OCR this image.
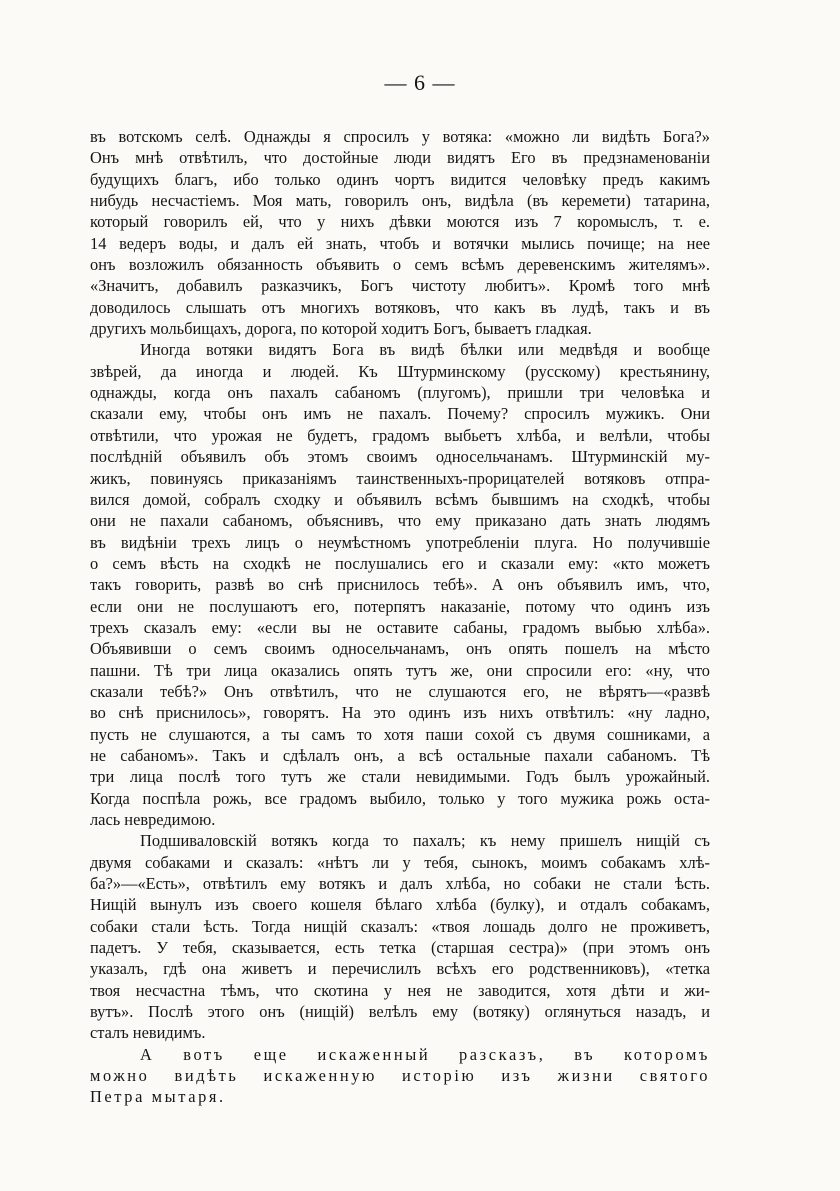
— 6 —
въ вотскомъ селѣ. Однажды я спросилъ у вотяка: «можно ли видѣть Бога?»
Онъ мнѣ отвѣтилъ, что достойные люди видятъ Его въ предзнаменованіи
будущихъ благъ, ибо только одинъ чортъ видится человѣку предъ какимъ
нибудь несчастіемъ. Моя мать, говорилъ онъ, видѣла (въ керемети) татарина,
который говорилъ ей, что у нихъ дѣвки моются изъ 7 коромыслъ, т. е.
14 ведеръ воды, и далъ ей знать, чтобъ и вотячки мылись почище; на нее
онъ возложилъ обязанность объявить о семъ всѣмъ деревенскимъ жителямъ».
«Значитъ, добавилъ разказчикъ, Богъ чистоту любитъ». Кромѣ того мнѣ
доводилось слышать отъ многихъ вотяковъ, что какъ въ лудѣ, такъ и въ
другихъ мольбищахъ, дорога, по которой ходитъ Богъ, бываетъ гладкая.
Иногда вотяки видятъ Бога въ видѣ бѣлки или медвѣдя и вообще
звѣрей, да иногда и людей. Къ Штурминскому (русскому) крестьянину,
однажды, когда онъ пахалъ сабаномъ (плугомъ), пришли три человѣка и
сказали ему, чтобы онъ имъ не пахалъ. Почему? спросилъ мужикъ. Они
отвѣтили, что урожая не будетъ, градомъ выбьетъ хлѣба, и велѣли, чтобы
послѣдній объявилъ объ этомъ своимъ односельчанамъ. Штурминскій му-
жикъ, повинуясь приказаніямъ таинственныхъ-прорицателей вотяковъ отпра-
вился домой, собралъ сходку и объявилъ всѣмъ бывшимъ на сходкѣ, чтобы
они не пахали сабаномъ, объяснивъ, что ему приказано дать знать людямъ
въ видѣніи трехъ лицъ о неумѣстномъ употребленіи плуга. Но получившіе
о семъ вѣсть на сходкѣ не послушались его и сказали ему: «кто можетъ
такъ говорить, развѣ во снѣ приснилось тебѣ». А онъ объявилъ имъ, что,
если они не послушаютъ его, потерпятъ наказаніе, потому что одинъ изъ
трехъ сказалъ ему: «если вы не оставите сабаны, градомъ выбью хлѣба».
Объявивши о семъ своимъ односельчанамъ, онъ опять пошелъ на мѣсто
пашни. Тѣ три лица оказались опять тутъ же, они спросили его: «ну, что
сказали тебѣ?» Онъ отвѣтилъ, что не слушаются его, не вѣрятъ—«развѣ
во снѣ приснилось», говорятъ. На это одинъ изъ нихъ отвѣтилъ: «ну ладно,
пусть не слушаются, а ты самъ то хотя паши сохой съ двумя сошниками, а
не сабаномъ». Такъ и сдѣлалъ онъ, а всѣ остальные пахали сабаномъ. Тѣ
три лица послѣ того тутъ же стали невидимыми. Годъ былъ урожайный.
Когда поспѣла рожь, все градомъ выбило, только у того мужика рожь оста-
лась невредимою.
Подшиваловскій вотякъ когда то пахалъ; къ нему пришелъ нищій съ
двумя собаками и сказалъ: «нѣтъ ли у тебя, сынокъ, моимъ собакамъ хлѣ-
ба?»—«Есть», отвѣтилъ ему вотякъ и далъ хлѣба, но собаки не стали ѣсть.
Нищій вынулъ изъ своего кошеля бѣлаго хлѣба (булку), и отдалъ собакамъ,
собаки стали ѣсть. Тогда нищій сказалъ: «твоя лошадь долго не проживетъ,
падетъ. У тебя, сказывается, есть тетка (старшая сестра)» (при этомъ онъ
указалъ, гдѣ она живетъ и перечислилъ всѣхъ его родственниковъ), «тетка
твоя несчастна тѣмъ, что скотина у нея не заводится, хотя дѣти и жи-
вутъ». Послѣ этого онъ (нищій) велѣлъ ему (вотяку) оглянуться назадъ, и
сталъ невидимъ.
А вотъ еще искаженный разсказъ, въ которомъ
можно видѣть искаженную исторію изъ жизни святого
Петра мытаря.
